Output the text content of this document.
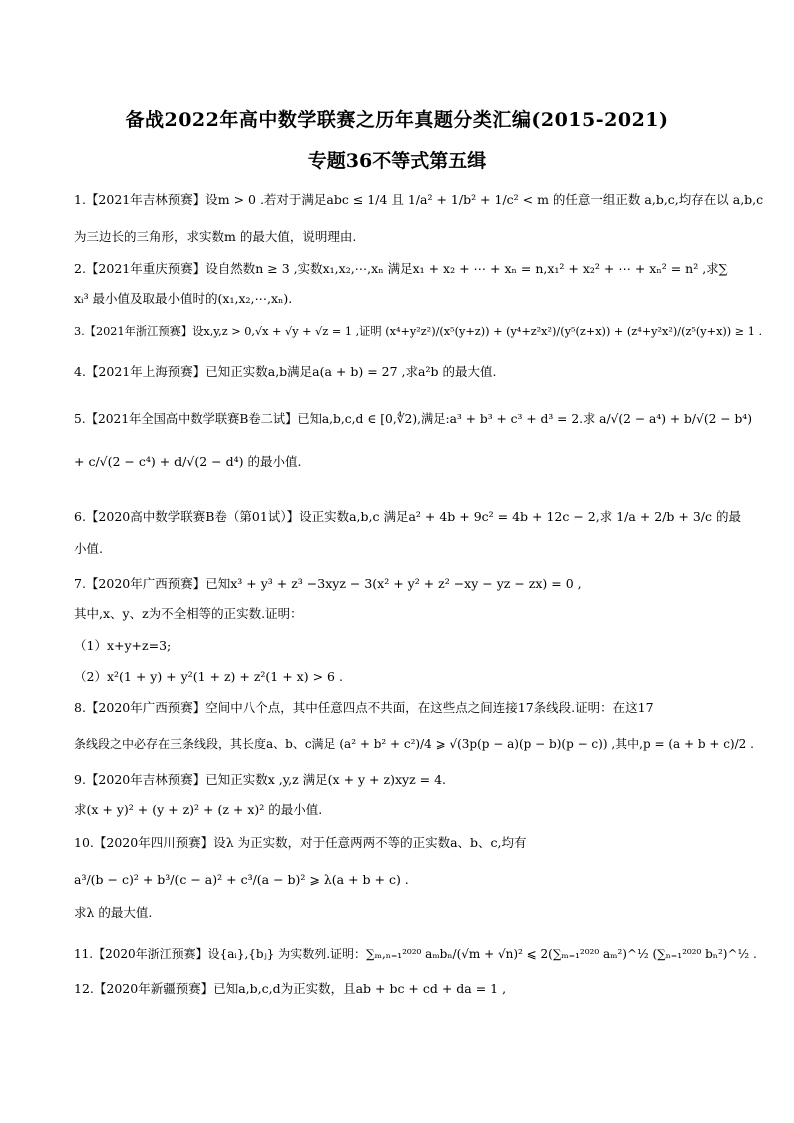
备战2022年高中数学联赛之历年真题分类汇编(2015-2021)
专题36不等式第五缉
1.【2021年吉林预赛】设m > 0 .若对于满足abc ≤ 1/4 且 1/a² + 1/b² + 1/c² < m 的任意一组正数 a,b,c,均存在以 a,b,c
为三边长的三角形，求实数m 的最大值，说明理由.
2.【2021年重庆预赛】设自然数n ≥ 3 ,实数x₁,x₂,⋯,xₙ 满足x₁ + x₂ + ⋯ + xₙ = n,x₁² + x₂² + ⋯ + xₙ² = n² ,求∑
xᵢ³ 最小值及取最小值时的(x₁,x₂,⋯,xₙ).
3.【2021年浙江预赛】设x,y,z > 0,√x + √y + √z = 1 ,证明 (x⁴+y²z²)/(x⁵(y+z)) + (y⁴+z²x²)/(y⁵(z+x)) + (z⁴+y²x²)/(z⁵(y+x)) ≥ 1 .
4.【2021年上海预赛】已知正实数a,b满足a(a + b) = 27 ,求a²b 的最大值.
5.【2021年全国高中数学联赛B卷二试】已知a,b,c,d ∈ [0,∜2),满足:a³ + b³ + c³ + d³ = 2.求 a/√(2 − a⁴) + b/√(2 − b⁴)
+ c/√(2 − c⁴) + d/√(2 − d⁴) 的最小值.
6.【2020高中数学联赛B卷（第01试）】设正实数a,b,c 满足a² + 4b + 9c² = 4b + 12c − 2,求 1/a + 2/b + 3/c 的最
小值.
7.【2020年广西预赛】已知x³ + y³ + z³ −3xyz − 3(x² + y² + z² −xy − yz − zx) = 0 ,
其中,x、y、z为不全相等的正实数.证明：
（1）x+y+z=3;
（2）x²(1 + y) + y²(1 + z) + z²(1 + x) > 6 .
8.【2020年广西预赛】空间中八个点，其中任意四点不共面，在这些点之间连接17条线段.证明：在这17
条线段之中必存在三条线段，其长度a、b、c满足 (a² + b² + c²)/4 ⩾ √(3p(p − a)(p − b)(p − c)) ,其中,p = (a + b + c)/2 .
9.【2020年吉林预赛】已知正实数x ,y,z 满足(x + y + z)xyz = 4.
求(x + y)² + (y + z)² + (z + x)² 的最小值.
10.【2020年四川预赛】设λ 为正实数，对于任意两两不等的正实数a、b、c,均有
a³/(b − c)² + b³/(c − a)² + c³/(a − b)² ⩾ λ(a + b + c) .
求λ 的最大值.
11.【2020年浙江预赛】设{aᵢ},{bⱼ} 为实数列.证明：∑ₘ,ₙ₌₁²⁰²⁰ aₘbₙ/(√m + √n)² ⩽ 2(∑ₘ₌₁²⁰²⁰ aₘ²)^½ (∑ₙ₌₁²⁰²⁰ bₙ²)^½ .
12.【2020年新疆预赛】已知a,b,c,d为正实数，且ab + bc + cd + da = 1 ,
